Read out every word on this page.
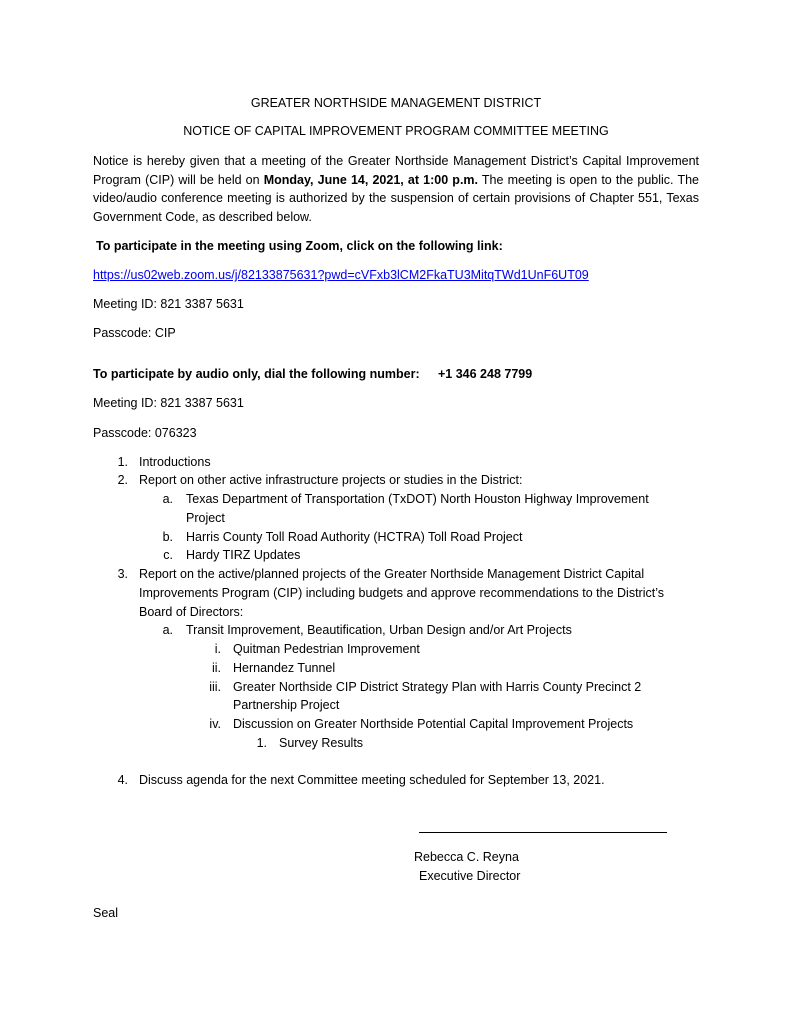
GREATER NORTHSIDE MANAGEMENT DISTRICT
NOTICE OF CAPITAL IMPROVEMENT PROGRAM COMMITTEE MEETING
Notice is hereby given that a meeting of the Greater Northside Management District’s Capital Improvement Program (CIP) will be held on Monday, June 14, 2021, at 1:00 p.m. The meeting is open to the public. The video/audio conference meeting is authorized by the suspension of certain provisions of Chapter 551, Texas Government Code, as described below.
To participate in the meeting using Zoom, click on the following link:
https://us02web.zoom.us/j/82133875631?pwd=cVFxb3lCM2FkaTU3MitqTWd1UnF6UT09
Meeting ID: 821 3387 5631
Passcode: CIP
To participate by audio only, dial the following number: +1 346 248 7799
Meeting ID: 821 3387 5631
Passcode: 076323
1. Introductions
2. Report on other active infrastructure projects or studies in the District:
a. Texas Department of Transportation (TxDOT) North Houston Highway Improvement
Project
b. Harris County Toll Road Authority (HCTRA) Toll Road Project
c. Hardy TIRZ Updates
3. Report on the active/planned projects of the Greater Northside Management District Capital
Improvements Program (CIP) including budgets and approve recommendations to the District’s
Board of Directors:
a. Transit Improvement, Beautification, Urban Design and/or Art Projects
i. Quitman Pedestrian Improvement
ii. Hernandez Tunnel
iii. Greater Northside CIP District Strategy Plan with Harris County Precinct 2
Partnership Project
iv. Discussion on Greater Northside Potential Capital Improvement Projects
1. Survey Results
4. Discuss agenda for the next Committee meeting scheduled for September 13, 2021.
Rebecca C. Reyna
Executive Director
Seal
